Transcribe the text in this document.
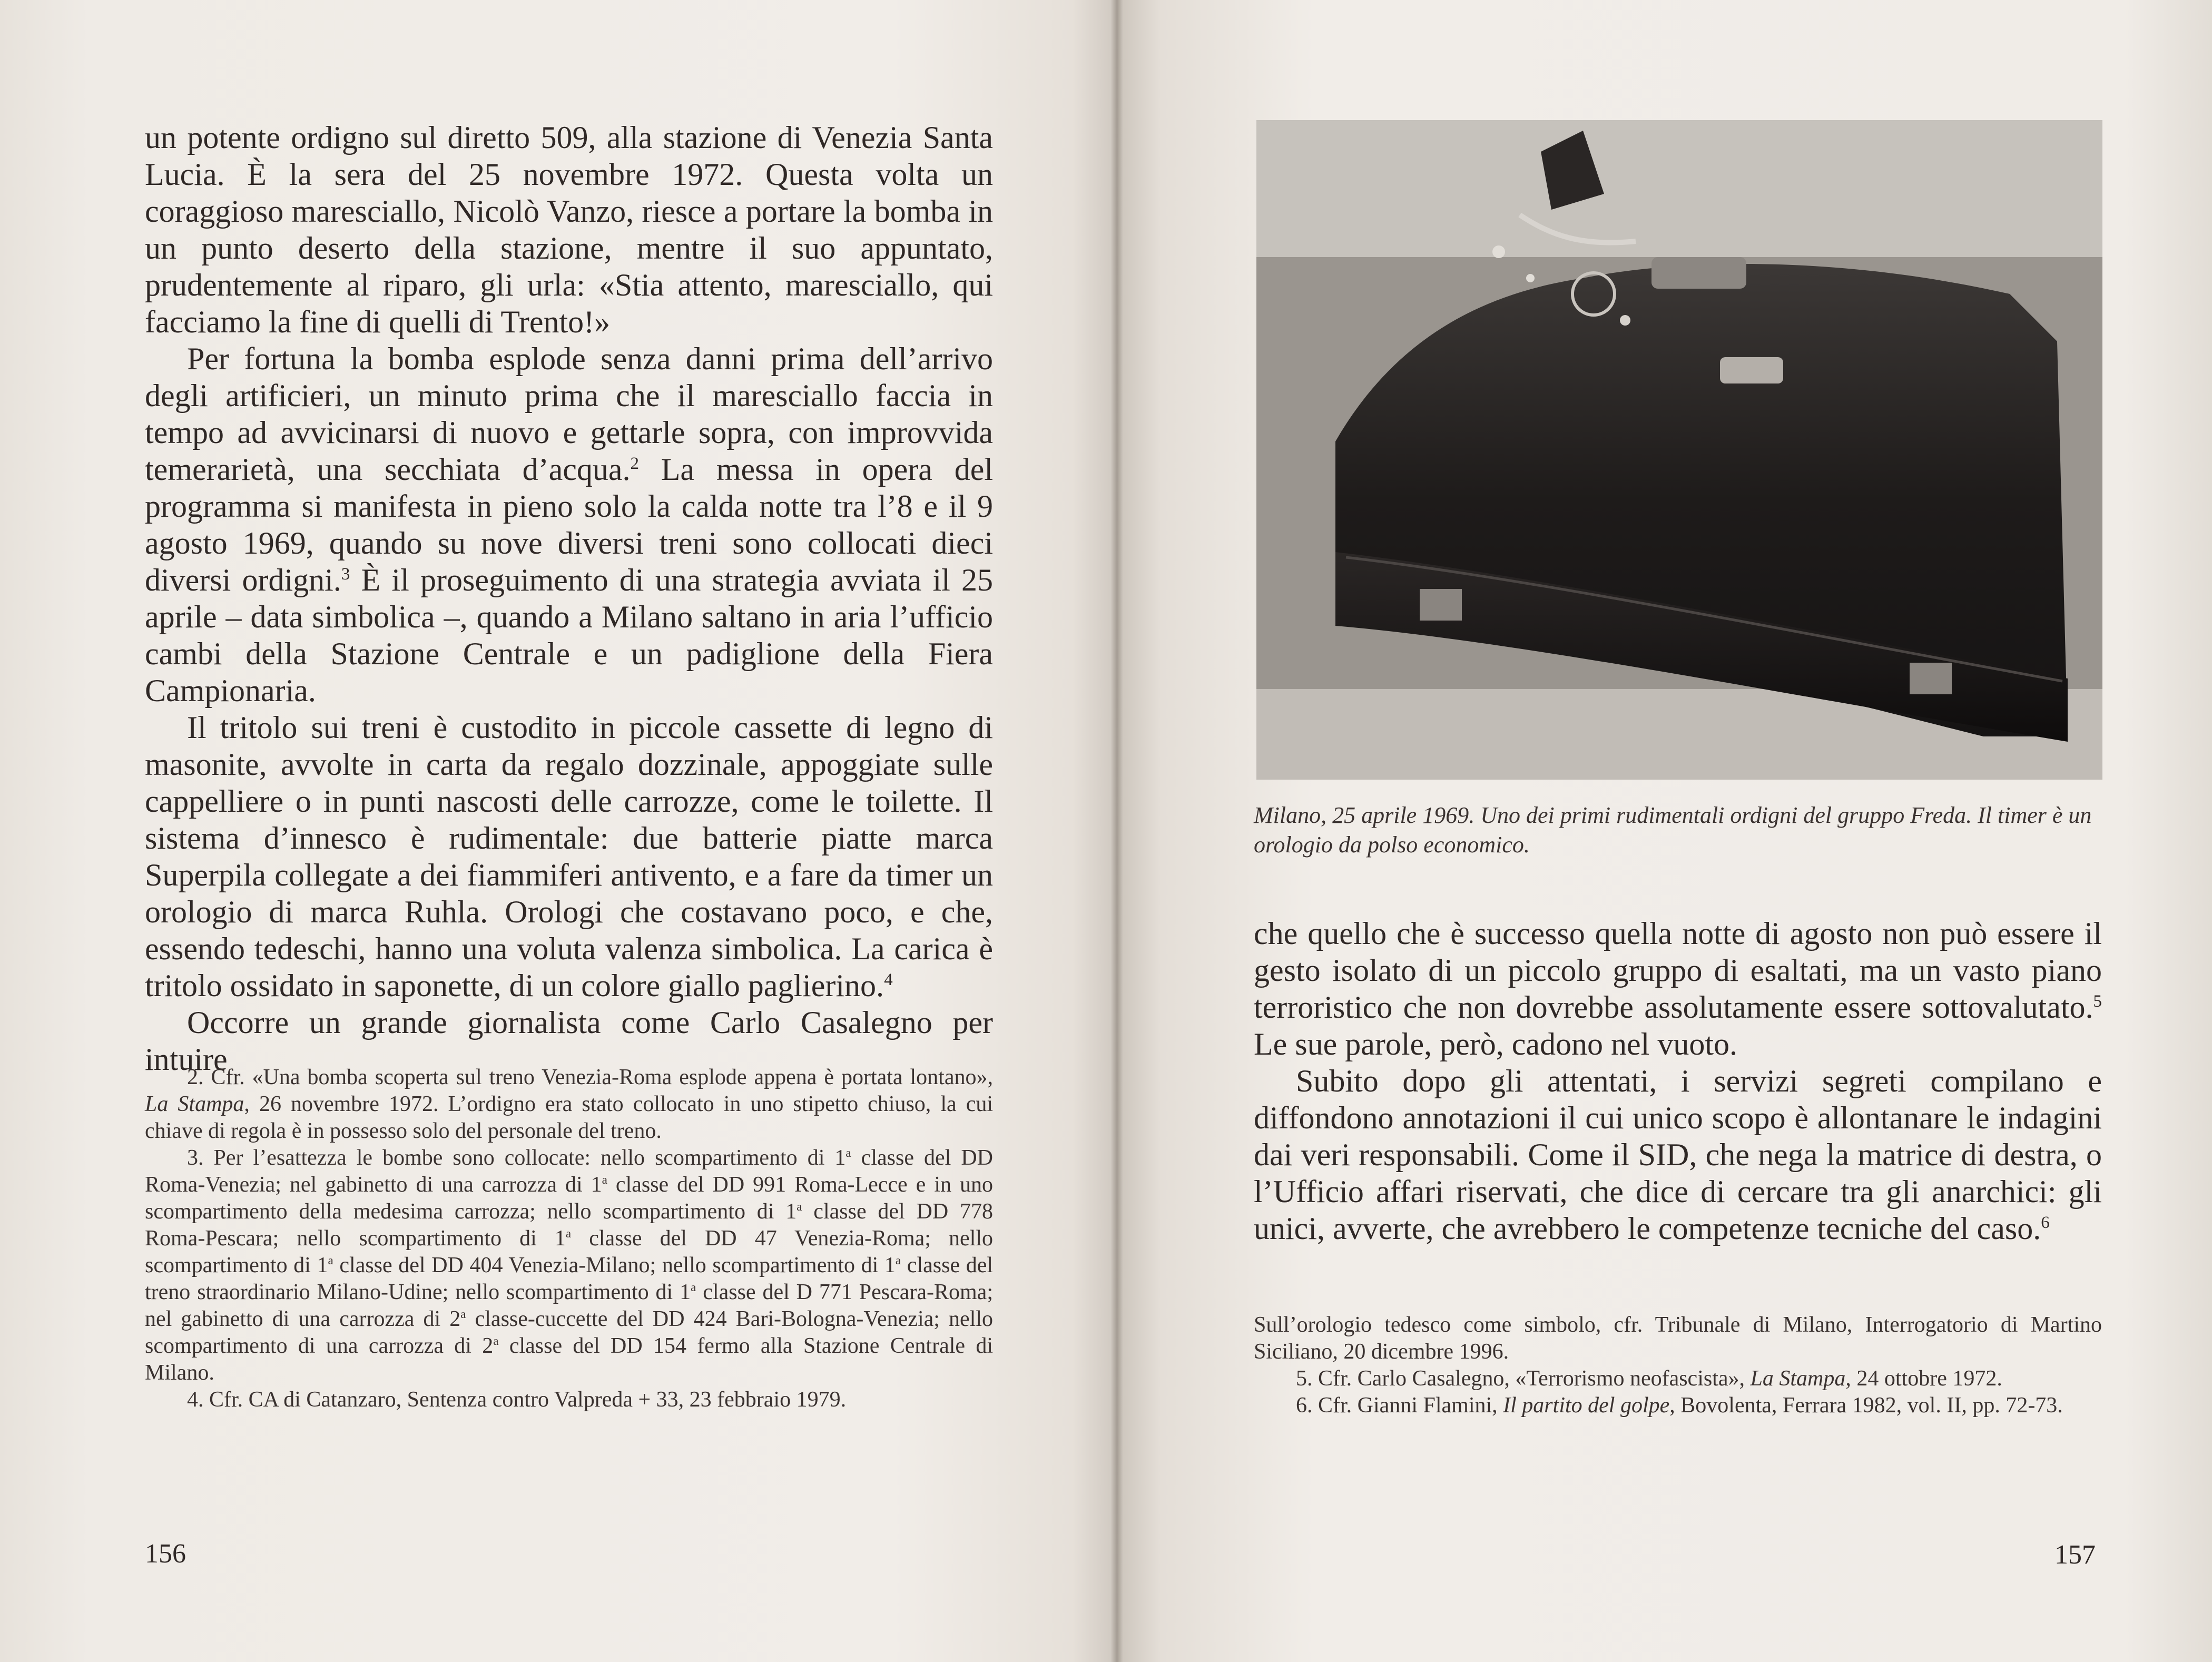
un potente ordigno sul diretto 509, alla stazione di Venezia Santa Lucia. È la sera del 25 novembre 1972. Questa volta un coraggioso maresciallo, Nicolò Vanzo, riesce a portare la bomba in un punto deserto della stazione, mentre il suo appuntato, prudentemente al riparo, gli urla: «Stia attento, maresciallo, qui facciamo la fine di quelli di Trento!»

Per fortuna la bomba esplode senza danni prima dell’arrivo degli artificieri, un minuto prima che il maresciallo faccia in tempo ad avvicinarsi di nuovo e gettarle sopra, con improvvida temerarietà, una secchiata d’acqua.$^2$ La messa in opera del programma si manifesta in pieno solo la calda notte tra l’8 e il 9 agosto 1969, quando su nove diversi treni sono collocati dieci diversi ordigni.$^3$ È il proseguimento di una strategia avviata il 25 aprile – data simbolica –, quando a Milano saltano in aria l’ufficio cambi della Stazione Centrale e un padiglione della Fiera Campionaria.

Il tritolo sui treni è custodito in piccole cassette di legno di masonite, avvolte in carta da regalo dozzinale, appoggiate sulle cappelliere o in punti nascosti delle carrozze, come le toilette. Il sistema d’innesco è rudimentale: due batterie piatte marca Superpila collegate a dei fiammiferi antivento, e a fare da timer un orologio di marca Ruhla. Orologi che costavano poco, e che, essendo tedeschi, hanno una voluta valenza simbolica. La carica è tritolo ossidato in saponette, di un colore giallo paglierino.$^4$

Occorre un grande giornalista come Carlo Casalegno per intuire

2. Cfr. «Una bomba scoperta sul treno Venezia-Roma esplode appena è portata lontano», La Stampa, 26 novembre 1972. L’ordigno era stato collocato in uno stipetto chiuso, la cui chiave di regola è in possesso solo del personale del treno.

3. Per l’esattezza le bombe sono collocate: nello scompartimento di 1$^a$ classe del DD Roma-Venezia; nel gabinetto di una carrozza di 1$^a$ classe del DD 991 Roma-Lecce e in uno scompartimento della medesima carrozza; nello scompartimento di 1$^a$ classe del DD 778 Roma-Pescara; nello scompartimento di 1$^a$ classe del DD 47 Venezia-Roma; nello scompartimento di 1$^a$ classe del DD 404 Venezia-Milano; nello scompartimento di 1$^a$ classe del treno straordinario Milano-Udine; nello scompartimento di 1$^a$ classe del D 771 Pescara-Roma; nel gabinetto di una carrozza di 2$^a$ classe-cuccette del DD 424 Bari-Bologna-Venezia; nello scompartimento di una carrozza di 2$^a$ classe del DD 154 fermo alla Stazione Centrale di Milano.

4. Cfr. CA di Catanzaro, Sentenza contro Valpreda + 33, 23 febbraio 1979.

156
Milano, 25 aprile 1969. Uno dei primi rudimentali ordigni del gruppo Freda. Il timer è un orologio da polso economico.

che quello che è successo quella notte di agosto non può essere il gesto isolato di un piccolo gruppo di esaltati, ma un vasto piano terroristico che non dovrebbe assolutamente essere sottovalutato.$^5$ Le sue parole, però, cadono nel vuoto.

Subito dopo gli attentati, i servizi segreti compilano e diffondono annotazioni il cui unico scopo è allontanare le indagini dai veri responsabili. Come il SID, che nega la matrice di destra, o l’Ufficio affari riservati, che dice di cercare tra gli anarchici: gli unici, avverte, che avrebbero le competenze tecniche del caso.$^6$

Sull’orologio tedesco come simbolo, cfr. Tribunale di Milano, Interrogatorio di Martino Siciliano, 20 dicembre 1996.

5. Cfr. Carlo Casalegno, «Terrorismo neofascista», La Stampa, 24 ottobre 1972.

6. Cfr. Gianni Flamini, Il partito del golpe, Bovolenta, Ferrara 1982, vol. II, pp. 72-73.

157
